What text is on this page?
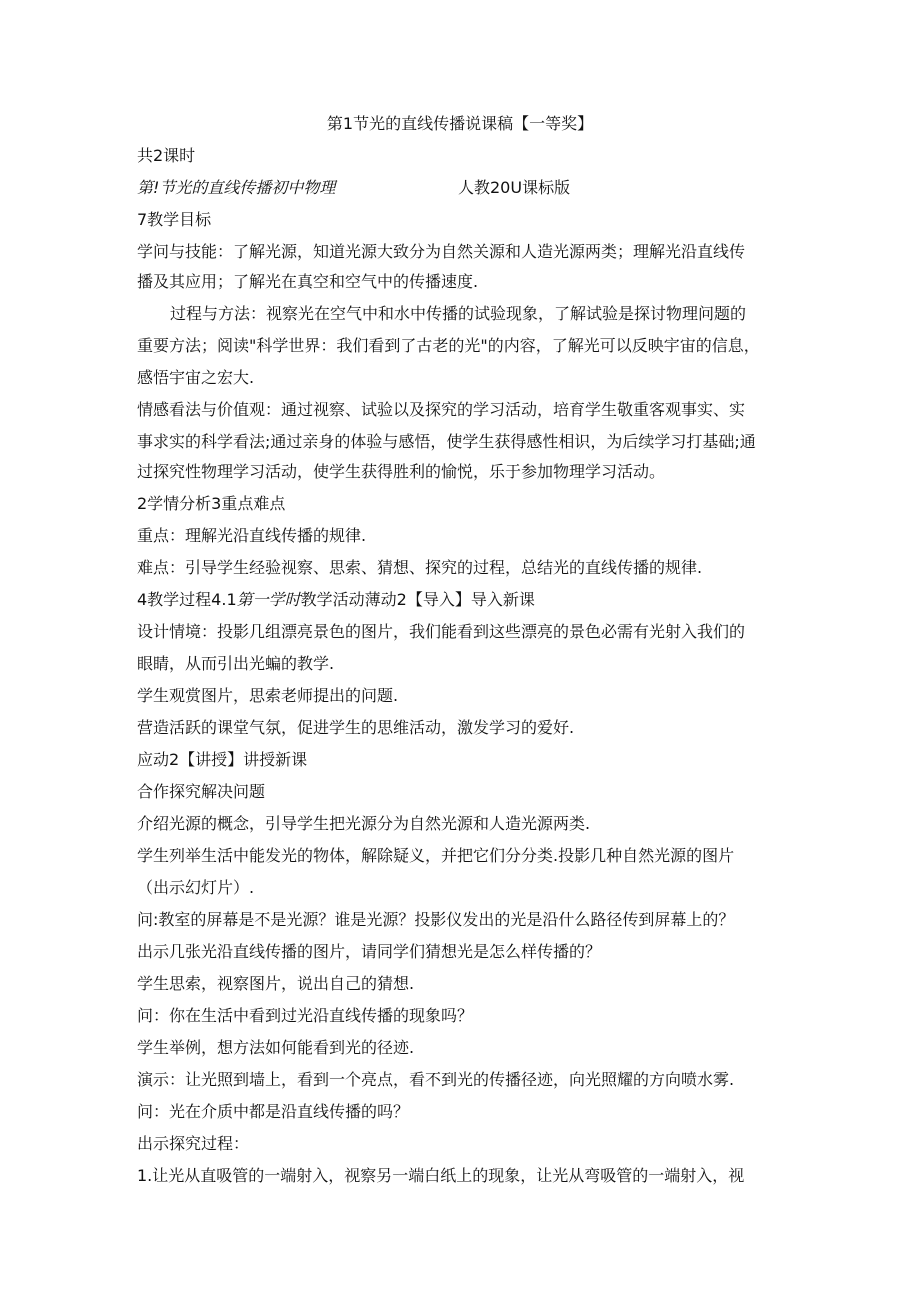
第1节光的直线传播说课稿【一等奖】
共2课时
第!节光的直线传播初中物理	人教20U课标版
7教学目标
学问与技能：了解光源，知道光源大致分为自然关源和人造光源两类；理解光沿直线传
播及其应用；了解光在真空和空气中的传播速度.
过程与方法：视察光在空气中和水中传播的试验现象，了解试验是探讨物理问题的
重要方法；阅读"科学世界：我们看到了古老的光"的内容，了解光可以反映宇宙的信息，
感悟宇宙之宏大.
情感看法与价值观：通过视察、试验以及探究的学习活动，培育学生敬重客观事实、实
事求实的科学看法;通过亲身的体验与感悟，使学生获得感性相识，为后续学习打基础;通
过探究性物理学习活动，使学生获得胜利的愉悦，乐于参加物理学习活动。
2学情分析3重点难点
重点：理解光沿直线传播的规律.
难点：引导学生经验视察、思索、猜想、探究的过程，总结光的直线传播的规律.
4教学过程4.1第一学时教学活动薄动2【导入】导入新课
设计情境：投影几组漂亮景色的图片，我们能看到这些漂亮的景色必需有光射入我们的
眼睛，从而引出光蝙的教学.
学生观赏图片，思索老师提出的问题.
营造活跃的课堂气氛，促进学生的思维活动，激发学习的爱好.
应动2【讲授】讲授新课
合作探究解决问题
介绍光源的概念，引导学生把光源分为自然光源和人造光源两类.
学生列举生活中能发光的物体，解除疑义，并把它们分分类.投影几种自然光源的图片
（出示幻灯片）.
问:教室的屏幕是不是光源？谁是光源？投影仪发出的光是沿什么路径传到屏幕上的？
出示几张光沿直线传播的图片，请同学们猜想光是怎么样传播的？
学生思索，视察图片，说出自己的猜想.
问：你在生活中看到过光沿直线传播的现象吗？
学生举例，想方法如何能看到光的径迹.
演示：让光照到墙上，看到一个亮点，看不到光的传播径迹，向光照耀的方向喷水雾.
问：光在介质中都是沿直线传播的吗？
出示探究过程：
1.让光从直吸管的一端射入，视察另一端白纸上的现象，让光从弯吸管的一端射入，视
